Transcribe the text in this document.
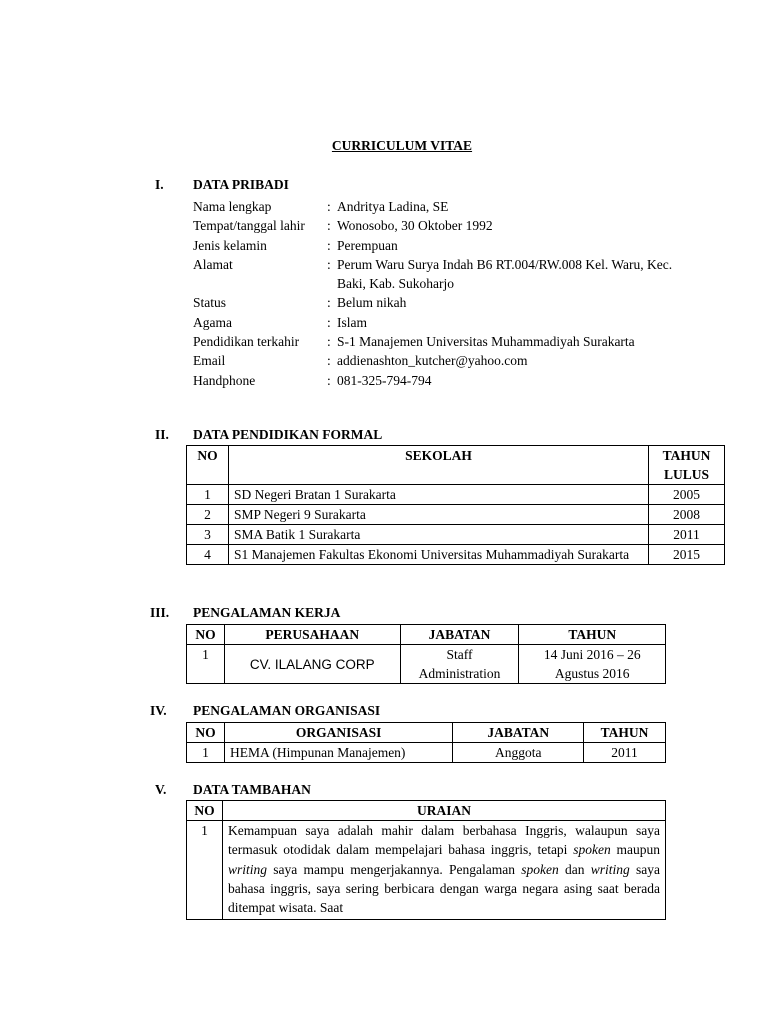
CURRICULUM VITAE
I. DATA PRIBADI
Nama lengkap	: Andritya Ladina, SE
Tempat/tanggal lahir	: Wonosobo, 30 Oktober 1992
Jenis kelamin	: Perempuan
Alamat	: Perum Waru Surya Indah B6 RT.004/RW.008 Kel. Waru, Kec. Baki, Kab. Sukoharjo
Status	: Belum nikah
Agama	: Islam
Pendidikan terkahir	: S-1 Manajemen Universitas Muhammadiyah Surakarta
Email	: addienashton_kutcher@yahoo.com
Handphone	: 081-325-794-794
II. DATA PENDIDIKAN FORMAL
NO	SEKOLAH	TAHUN LULUS
1	SD Negeri Bratan 1 Surakarta	2005
2	SMP Negeri 9 Surakarta	2008
3	SMA Batik 1 Surakarta	2011
4	S1 Manajemen Fakultas Ekonomi Universitas Muhammadiyah Surakarta	2015
III. PENGALAMAN KERJA
NO	PERUSAHAAN	JABATAN	TAHUN
1	CV. ILALANG CORP	Staff Administration	14 Juni 2016 – 26 Agustus 2016
IV. PENGALAMAN ORGANISASI
NO	ORGANISASI	JABATAN	TAHUN
1	HEMA (Himpunan Manajemen)	Anggota	2011
V. DATA TAMBAHAN
NO	URAIAN
1	Kemampuan saya adalah mahir dalam berbahasa Inggris, walaupun saya termasuk otodidak dalam mempelajari bahasa inggris, tetapi spoken maupun writing saya mampu mengerjakannya. Pengalaman spoken dan writing saya bahasa inggris, saya sering berbicara dengan warga negara asing saat berada ditempat wisata. Saat
